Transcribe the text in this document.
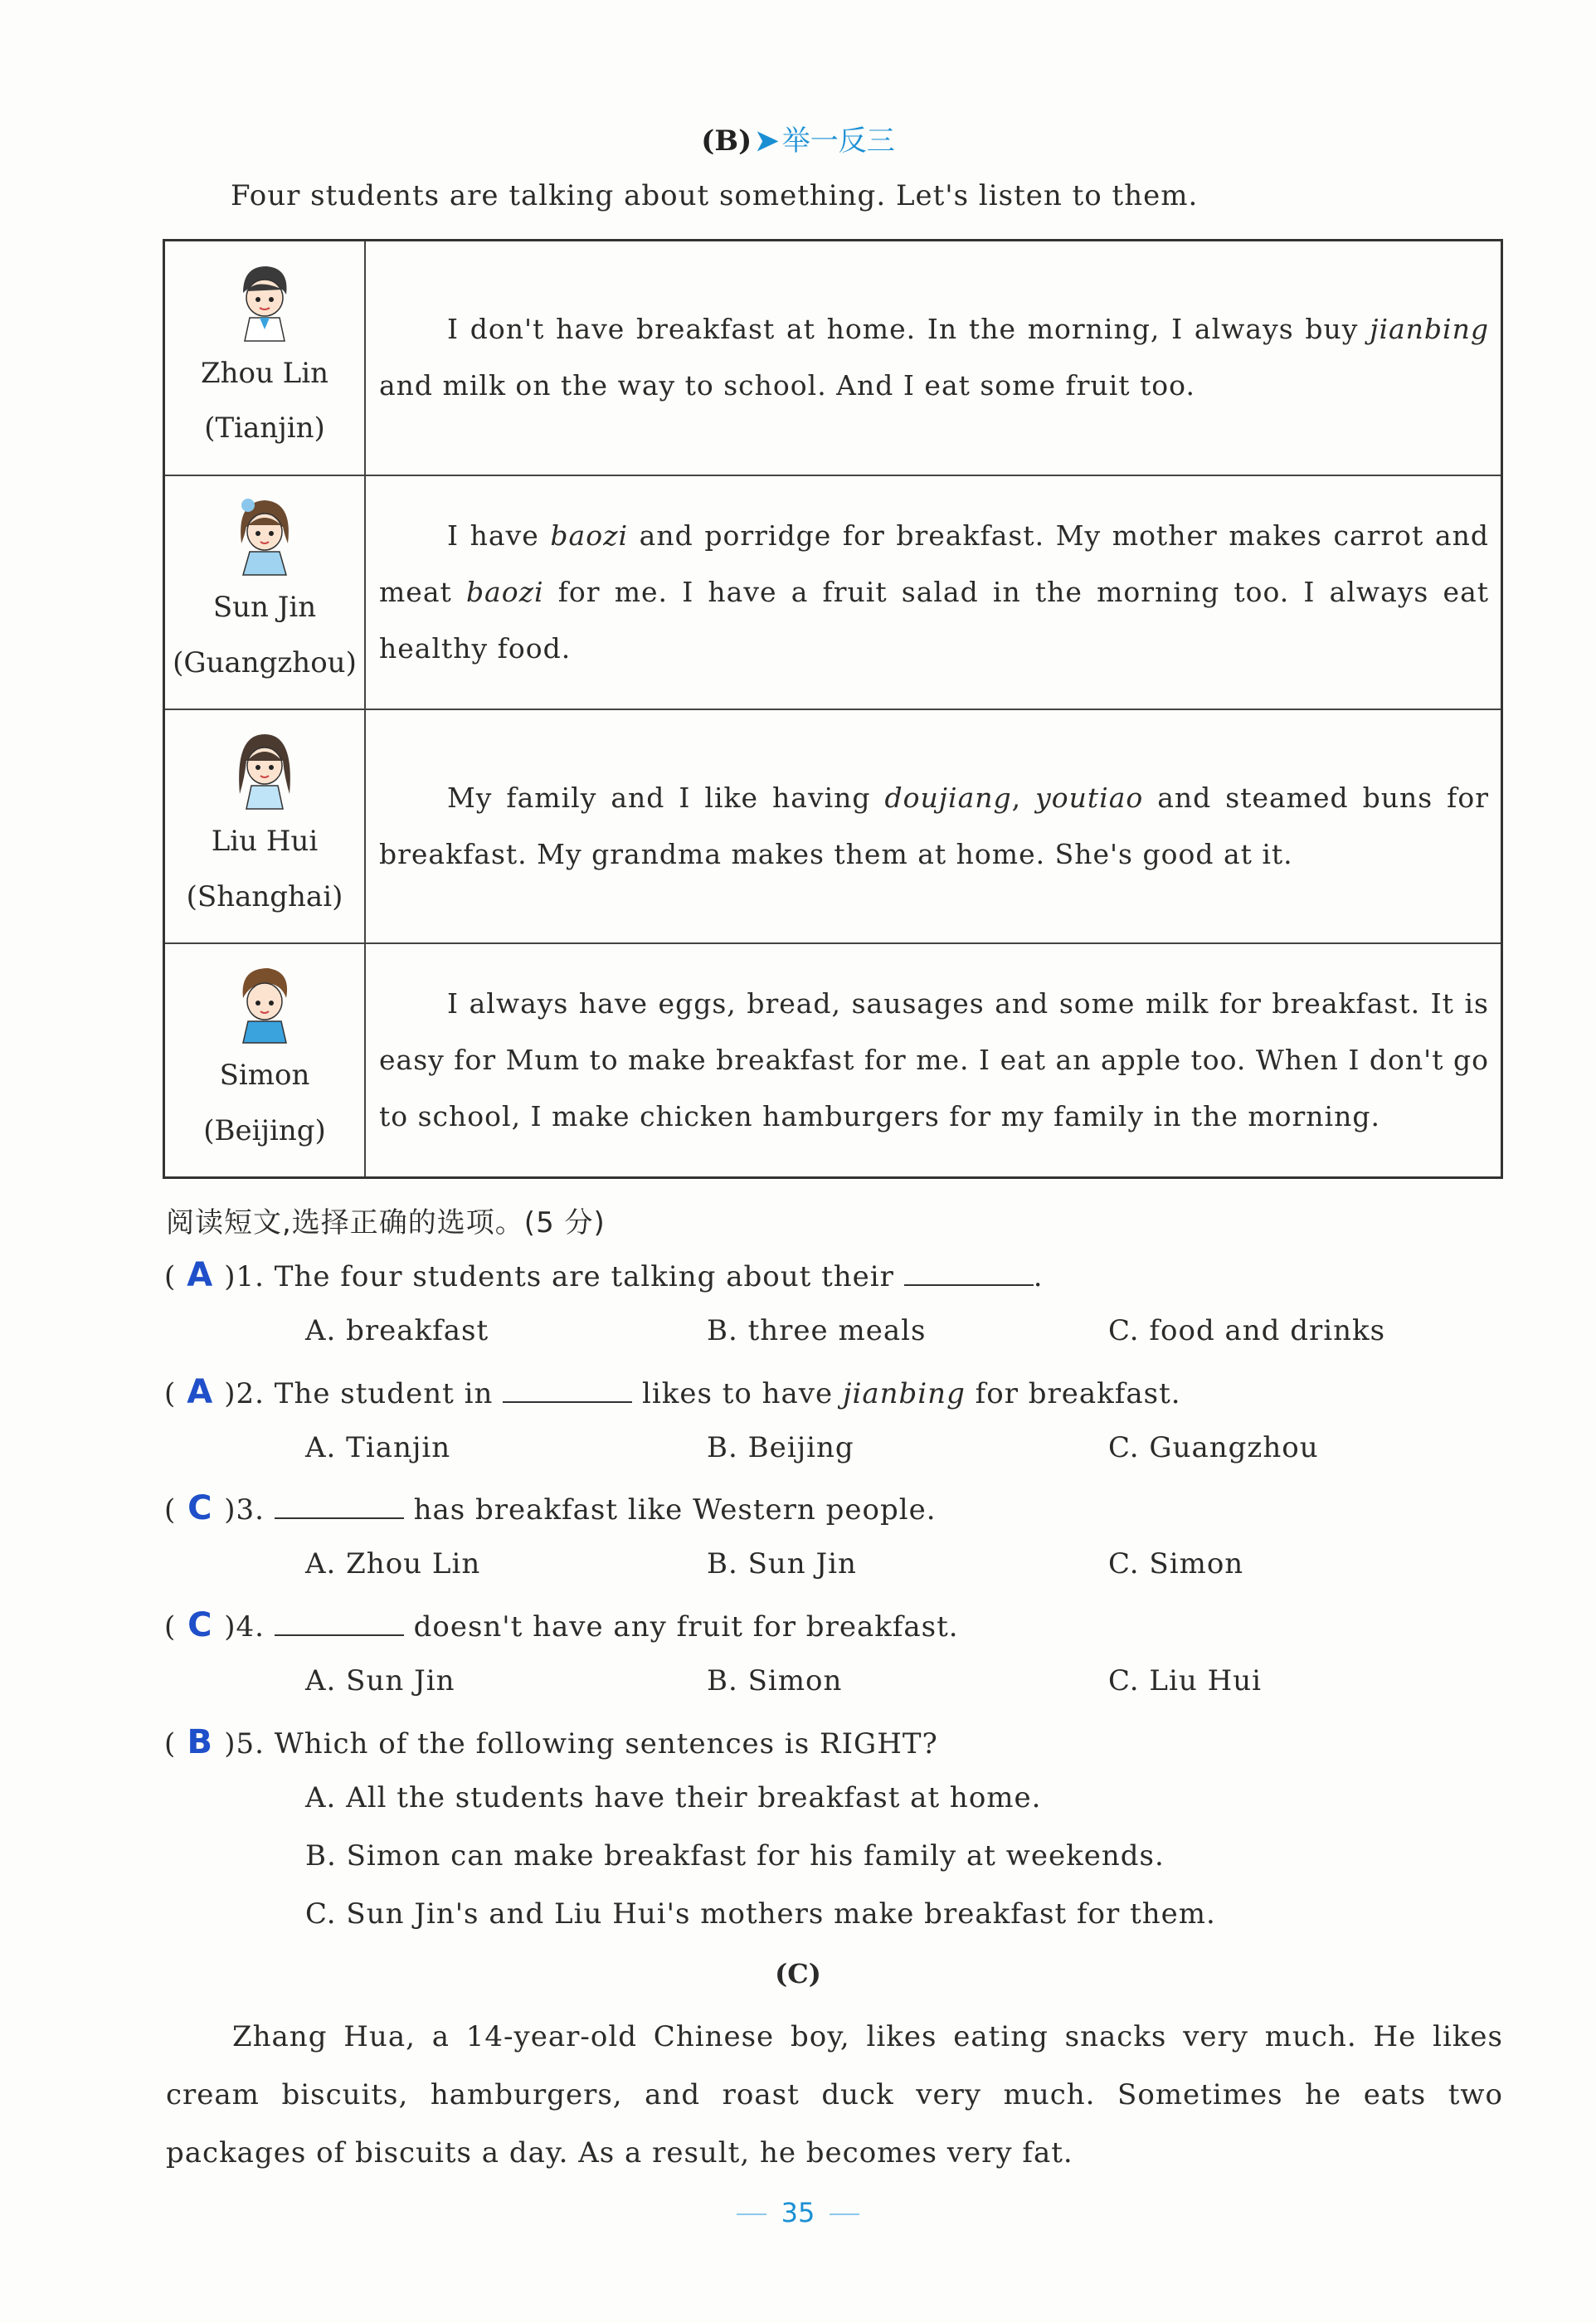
(B) ➤ 举一反三
Four students are talking about something. Let's listen to them.
Zhou Lin
(Tianjin)	I don't have breakfast at home. In the morning, I always buy jianbing and milk on the way to school. And I eat some fruit too.

Sun Jin
(Guangzhou)	I have baozi and porridge for breakfast. My mother makes carrot and meat baozi for me. I have a fruit salad in the morning too. I always eat healthy food.

Liu Hui
(Shanghai)	My family and I like having doujiang, youtiao and steamed buns for breakfast. My grandma makes them at home. She's good at it.

Simon
(Beijing)	I always have eggs, bread, sausages and some milk for breakfast. It is easy for Mum to make breakfast for me. I eat an apple too. When I don't go to school, I make chicken hamburgers for my family in the morning.
阅读短文,选择正确的选项。(5 分)
( A )1. The four students are talking about their	.
A. breakfast	B. three meals	C. food and drinks
( A )2. The student in	likes to have jianbing for breakfast.
A. Tianjin	B. Beijing	C. Guangzhou
( C )3.	has breakfast like Western people.
A. Zhou Lin	B. Sun Jin	C. Simon
( C )4.	doesn't have any fruit for breakfast.
A. Sun Jin	B. Simon	C. Liu Hui
( B )5. Which of the following sentences is RIGHT?
A. All the students have their breakfast at home.
B. Simon can make breakfast for his family at weekends.
C. Sun Jin's and Liu Hui's mothers make breakfast for them.
(C)
Zhang Hua, a 14-year-old Chinese boy, likes eating snacks very much. He likes cream biscuits, hamburgers, and roast duck very much. Sometimes he eats two packages of biscuits a day. As a result, he becomes very fat.
35
